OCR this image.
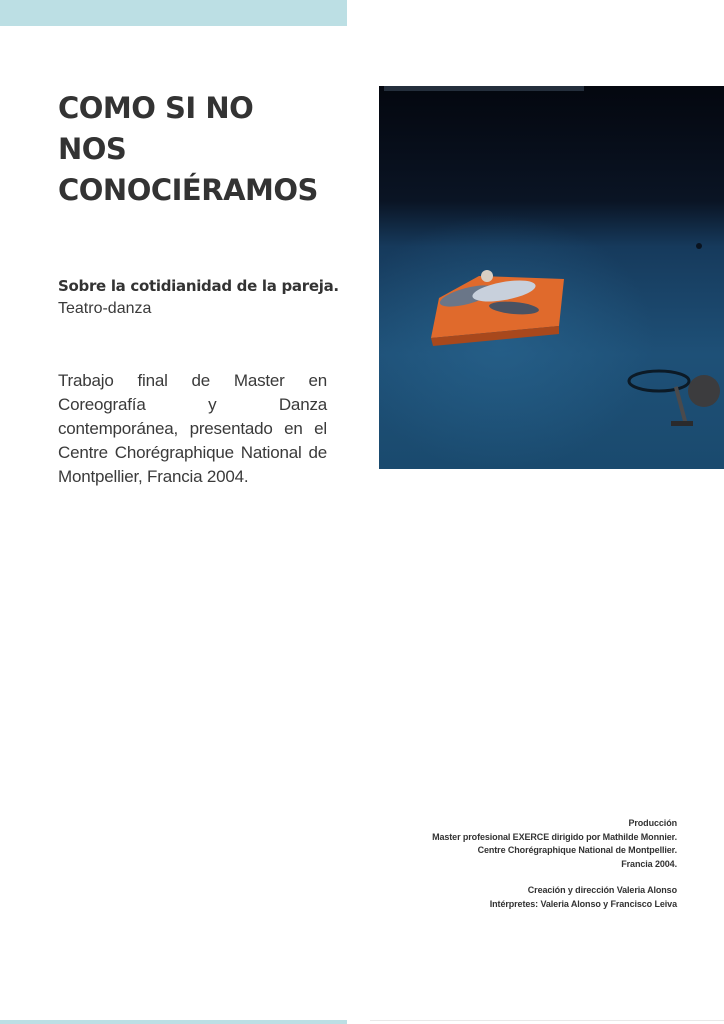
COMO SI NO
NOS
CONOCIÉRAMOS
Sobre la cotidianidad de la pareja.
Teatro-danza

Trabajo final de Master en Coreografía y Danza contemporánea, presentado en el Centre Chorégraphique National de Montpellier, Francia 2004.

Producción
Master profesional EXERCE dirigido por Mathilde Monnier.
Centre Chorégraphique National de Montpellier.
Francia 2004.
Creación y dirección Valeria Alonso
Intérpretes: Valeria Alonso y Francisco Leiva
